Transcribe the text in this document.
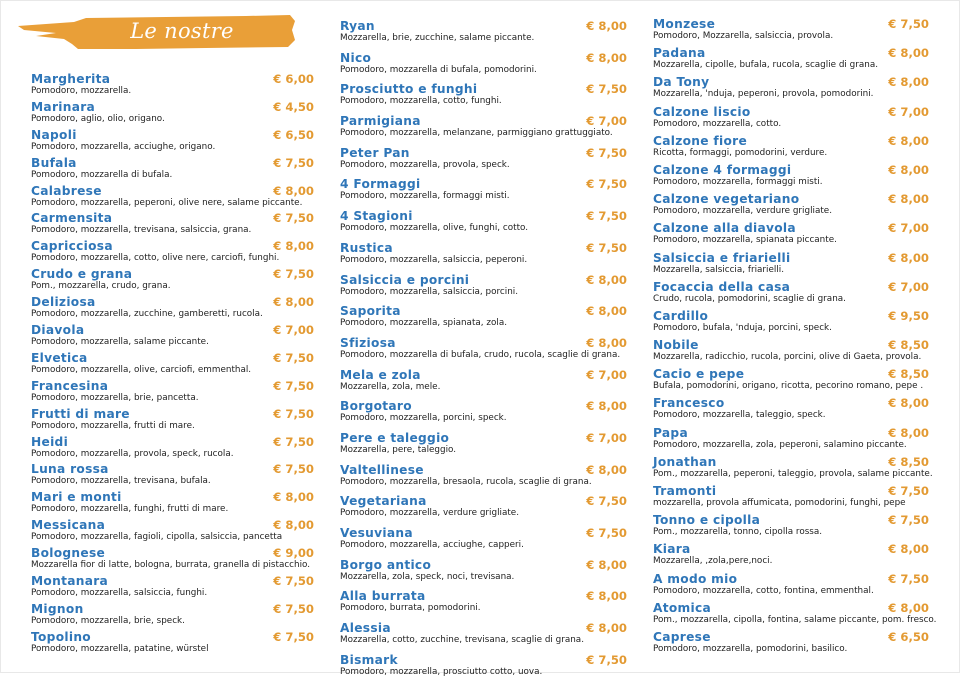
Le nostre Pizze
Margherita	€ 6,00
Pomodoro, mozzarella.
Marinara	€ 4,50
Pomodoro, aglio, olio, origano.
Napoli	€ 6,50
Pomodoro, mozzarella, acciughe, origano.
Bufala	€ 7,50
Pomodoro, mozzarella di bufala.
Calabrese	€ 8,00
Pomodoro, mozzarella, peperoni, olive nere, salame piccante.
Carmensita	€ 7,50
Pomodoro, mozzarella, trevisana, salsiccia, grana.
Capricciosa	€ 8,00
Pomodoro, mozzarella, cotto, olive nere, carciofi, funghi.
Crudo e grana	€ 7,50
Pom., mozzarella, crudo, grana.
Deliziosa	€ 8,00
Pomodoro, mozzarella, zucchine, gamberetti, rucola.
Diavola	€ 7,00
Pomodoro, mozzarella, salame piccante.
Elvetica	€ 7,50
Pomodoro, mozzarella, olive, carciofi, emmenthal.
Francesina	€ 7,50
Pomodoro, mozzarella, brie, pancetta.
Frutti di mare	€ 7,50
Pomodoro, mozzarella, frutti di mare.
Heidi	€ 7,50
Pomodoro, mozzarella, provola, speck, rucola.
Luna rossa	€ 7,50
Pomodoro, mozzarella, trevisana, bufala.
Mari e monti	€ 8,00
Pomodoro, mozzarella, funghi, frutti di mare.
Messicana	€ 8,00
Pomodoro, mozzarella, fagioli, cipolla, salsiccia, pancetta
Bolognese	€ 9,00
Mozzarella fior di latte, bologna, burrata, granella di pistacchio.
Montanara	€ 7,50
Pomodoro, mozzarella, salsiccia, funghi.
Mignon	€ 7,50
Pomodoro, mozzarella, brie, speck.
Topolino	€ 7,50
Pomodoro, mozzarella, patatine, würstel
Ryan	€ 8,00
Mozzarella, brie, zucchine, salame piccante.
Nico	€ 8,00
Pomodoro, mozzarella di bufala, pomodorini.
Prosciutto e funghi	€ 7,50
Pomodoro, mozzarella, cotto, funghi.
Parmigiana	€ 7,00
Pomodoro, mozzarella, melanzane, parmiggiano grattuggiato.
Peter Pan	€ 7,50
Pomodoro, mozzarella, provola, speck.
4 Formaggi	€ 7,50
Pomodoro, mozzarella, formaggi misti.
4 Stagioni	€ 7,50
Pomodoro, mozzarella, olive, funghi, cotto.
Rustica	€ 7,50
Pomodoro, mozzarella, salsiccia, peperoni.
Salsiccia e porcini	€ 8,00
Pomodoro, mozzarella, salsiccia, porcini.
Saporita	€ 8,00
Pomodoro, mozzarella, spianata, zola.
Sfiziosa	€ 8,00
Pomodoro, mozzarella di bufala, crudo, rucola, scaglie di grana.
Mela e zola	€ 7,00
Mozzarella, zola, mele.
Borgotaro	€ 8,00
Pomodoro, mozzarella, porcini, speck.
Pere e taleggio	€ 7,00
Mozzarella, pere, taleggio.
Valtellinese	€ 8,00
Pomodoro, mozzarella, bresaola, rucola, scaglie di grana.
Vegetariana	€ 7,50
Pomodoro, mozzarella, verdure grigliate.
Vesuviana	€ 7,50
Pomodoro, mozzarella, acciughe, capperi.
Borgo antico	€ 8,00
Mozzarella, zola, speck, noci, trevisana.
Alla burrata	€ 8,00
Pomodoro, burrata, pomodorini.
Alessia	€ 8,00
Mozzarella, cotto, zucchine, trevisana, scaglie di grana.
Bismark	€ 7,50
Pomodoro, mozzarella, prosciutto cotto, uova.
Monzese	€ 7,50
Pomodoro, Mozzarella, salsiccia, provola.
Padana	€ 8,00
Mozzarella, cipolle, bufala, rucola, scaglie di grana.
Da Tony	€ 8,00
Mozzarella, 'nduja, peperoni, provola, pomodorini.
Calzone liscio	€ 7,00
Pomodoro, mozzarella, cotto.
Calzone fiore	€ 8,00
Ricotta, formaggi, pomodorini, verdure.
Calzone 4 formaggi	€ 8,00
Pomodoro, mozzarella, formaggi misti.
Calzone vegetariano	€ 8,00
Pomodoro, mozzarella, verdure grigliate.
Calzone alla diavola	€ 7,00
Pomodoro, mozzarella, spianata piccante.
Salsiccia e friarielli	€ 8,00
Mozzarella, salsiccia, friarielli.
Focaccia della casa	€ 7,00
Crudo, rucola, pomodorini, scaglie di grana.
Cardillo	€ 9,50
Pomodoro, bufala, 'nduja, porcini, speck.
Nobile	€ 8,50
Mozzarella, radicchio, rucola, porcini, olive di Gaeta, provola.
Cacio e pepe	€ 8,50
Bufala, pomodorini, origano, ricotta, pecorino romano, pepe .
Francesco	€ 8,00
Pomodoro, mozzarella, taleggio, speck.
Papa	€ 8,00
Pomodoro, mozzarella, zola, peperoni, salamino piccante.
Jonathan	€ 8,50
Pom., mozzarella, peperoni, taleggio, provola, salame piccante.
Tramonti	€ 7,50
mozzarella, provola affumicata, pomodorini, funghi, pepe
Tonno e cipolla	€ 7,50
Pom., mozzarella, tonno, cipolla rossa.
Kiara	€ 8,00
Mozzarella, ,zola,pere,noci.
A modo mio	€ 7,50
Pomodoro, mozzarella, cotto, fontina, emmenthal.
Atomica	€ 8,00
Pom., mozzarella, cipolla, fontina, salame piccante, pom. fresco.
Caprese	€ 6,50
Pomodoro, mozzarella, pomodorini, basilico.
